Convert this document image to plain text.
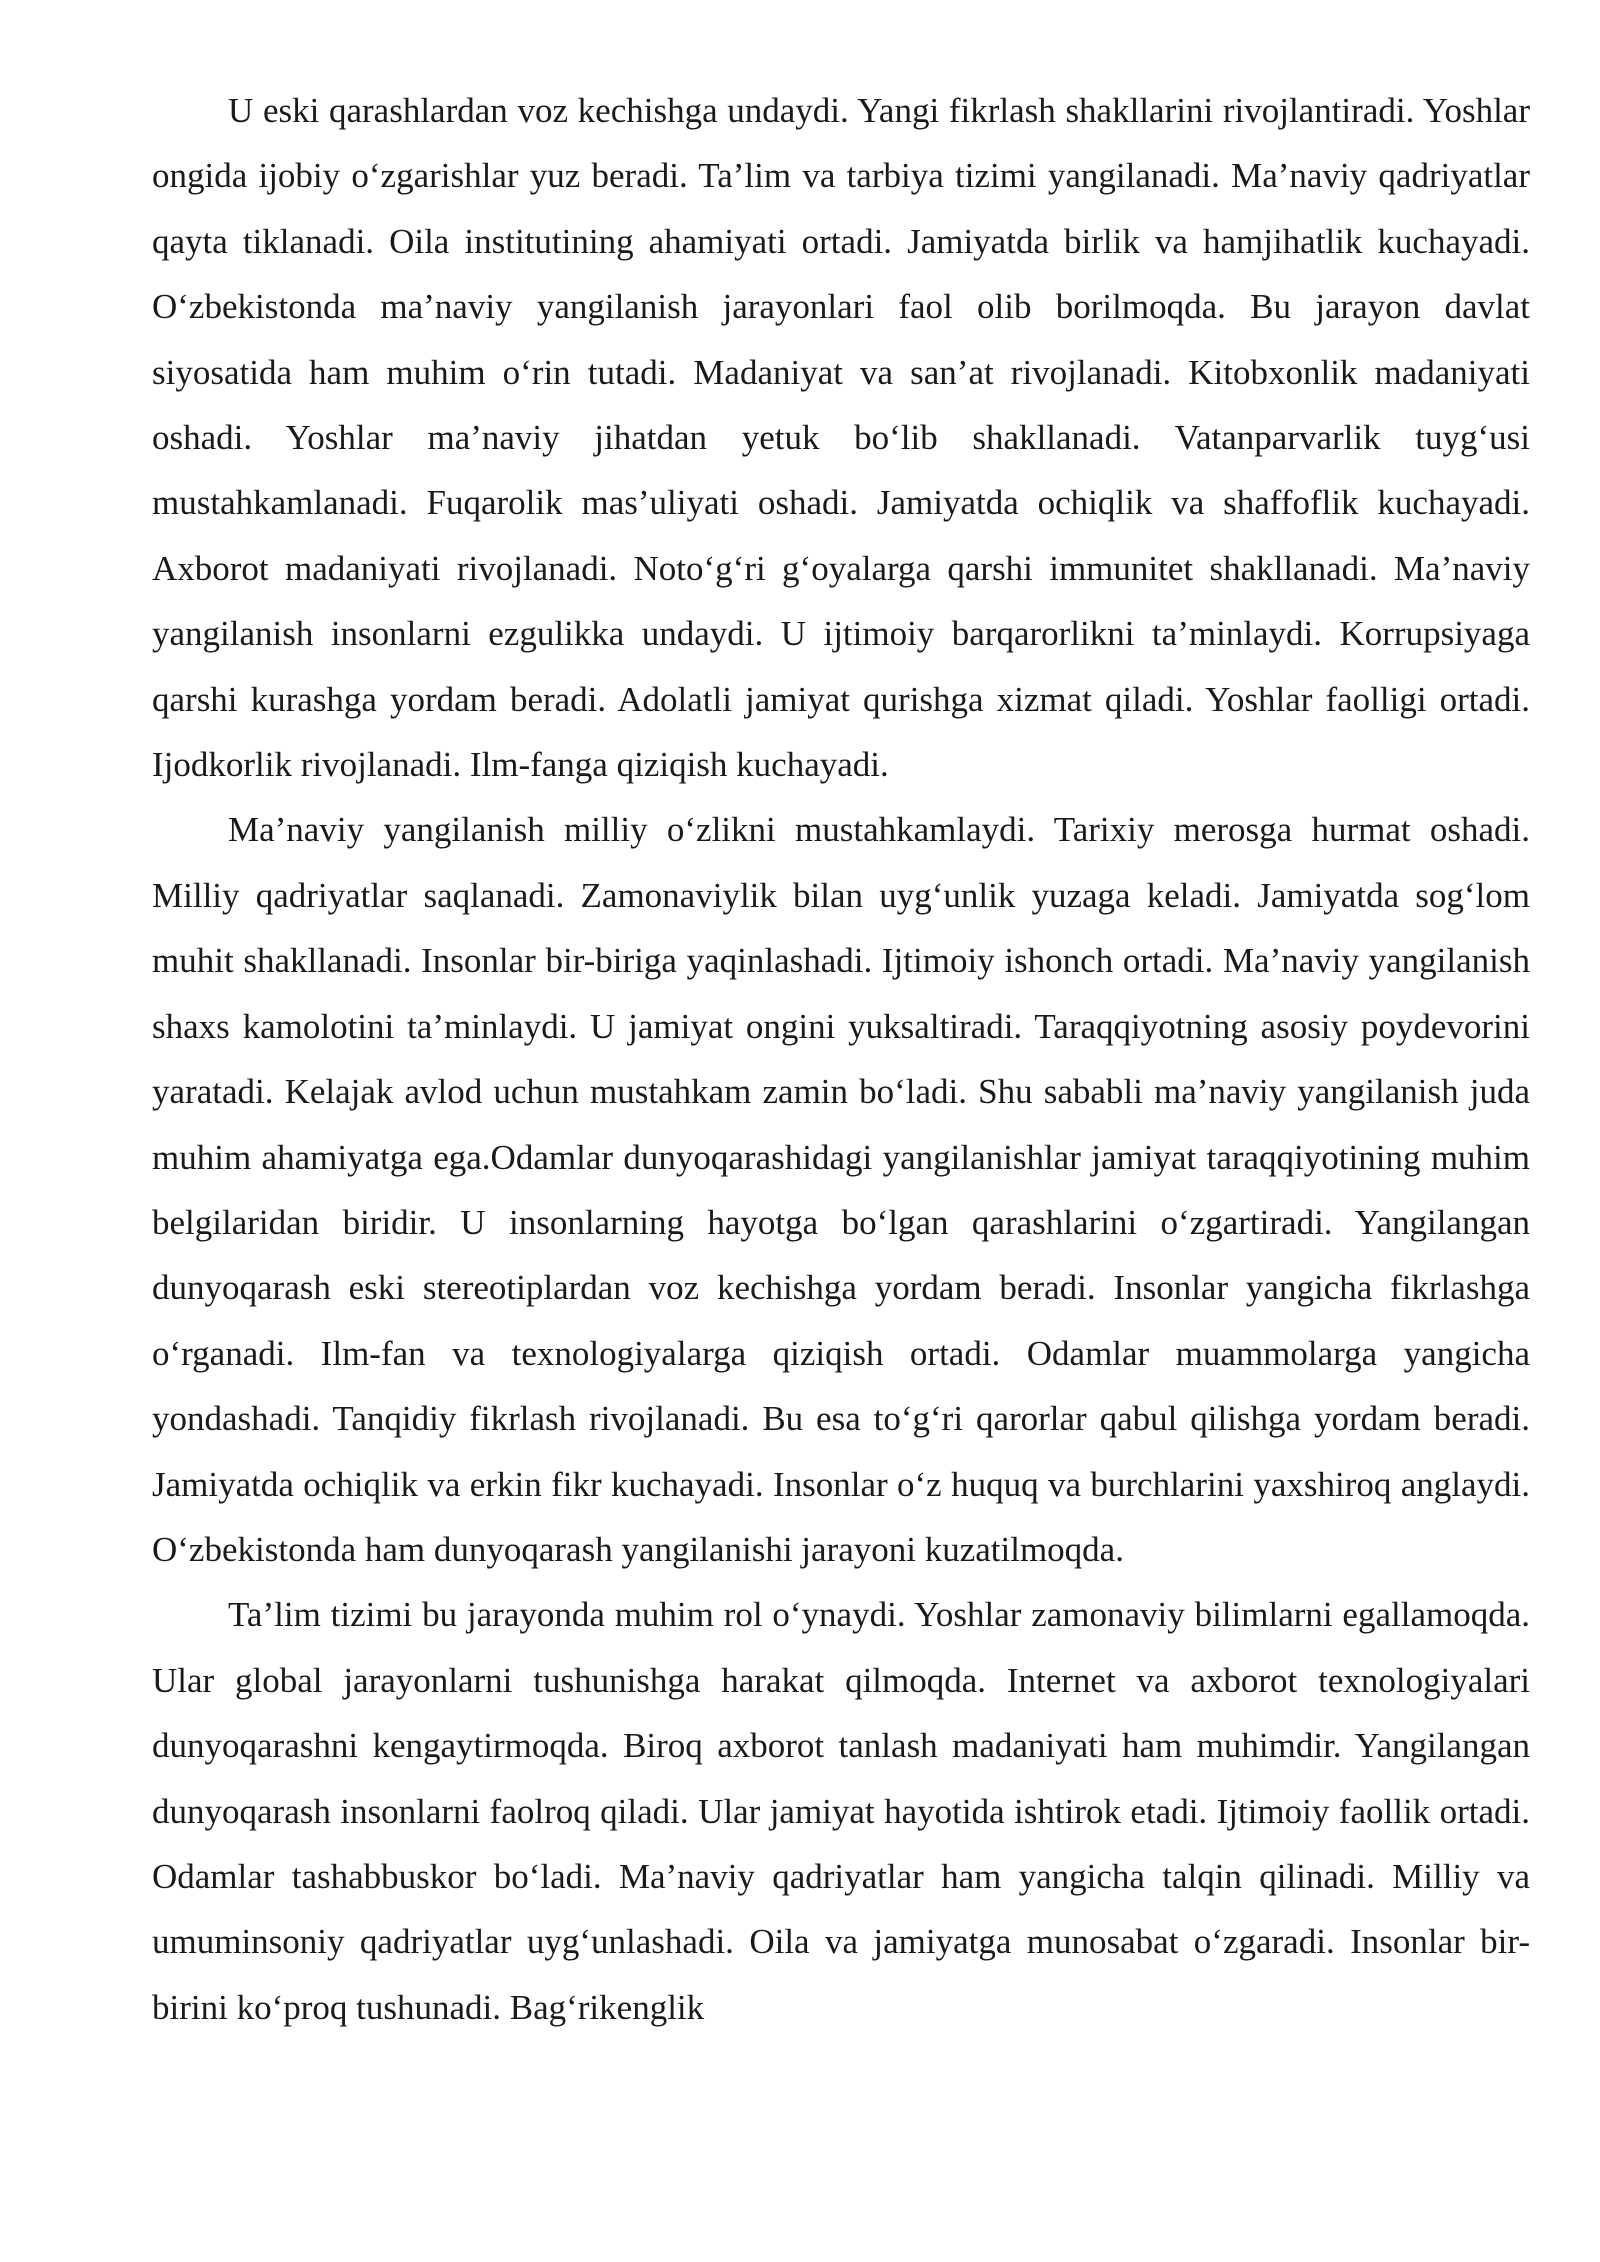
U eski qarashlardan voz kechishga undaydi. Yangi fikrlash shakllarini rivojlantiradi. Yoshlar ongida ijobiy o‘zgarishlar yuz beradi. Ta’lim va tarbiya tizimi yangilanadi. Ma’naviy qadriyatlar qayta tiklanadi. Oila institutining ahamiyati ortadi. Jamiyatda birlik va hamjihatlik kuchayadi. O‘zbekistonda ma’naviy yangilanish jarayonlari faol olib borilmoqda. Bu jarayon davlat siyosatida ham muhim o‘rin tutadi. Madaniyat va san’at rivojlanadi. Kitobxonlik madaniyati oshadi. Yoshlar ma’naviy jihatdan yetuk bo‘lib shakllanadi. Vatanparvarlik tuyg‘usi mustahkamlanadi. Fuqarolik mas’uliyati oshadi. Jamiyatda ochiqlik va shaffoflik kuchayadi. Axborot madaniyati rivojlanadi. Noto‘g‘ri g‘oyalarga qarshi immunitet shakllanadi. Ma’naviy yangilanish insonlarni ezgulikka undaydi. U ijtimoiy barqarorlikni ta’minlaydi. Korrupsiyaga qarshi kurashga yordam beradi. Adolatli jamiyat qurishga xizmat qiladi. Yoshlar faolligi ortadi. Ijodkorlik rivojlanadi. Ilm-fanga qiziqish kuchayadi.

Ma’naviy yangilanish milliy o‘zlikni mustahkamlaydi. Tarixiy merosga hurmat oshadi. Milliy qadriyatlar saqlanadi. Zamonaviylik bilan uyg‘unlik yuzaga keladi. Jamiyatda sog‘lom muhit shakllanadi. Insonlar bir-biriga yaqinlashadi. Ijtimoiy ishonch ortadi. Ma’naviy yangilanish shaxs kamolotini ta’minlaydi. U jamiyat ongini yuksaltiradi. Taraqqiyotning asosiy poydevorini yaratadi. Kelajak avlod uchun mustahkam zamin bo‘ladi. Shu sababli ma’naviy yangilanish juda muhim ahamiyatga ega.Odamlar dunyoqarashidagi yangilanishlar jamiyat taraqqiyotining muhim belgilaridan biridir. U insonlarning hayotga bo‘lgan qarashlarini o‘zgartiradi. Yangilangan dunyoqarash eski stereotiplardan voz kechishga yordam beradi. Insonlar yangicha fikrlashga o‘rganadi. Ilm-fan va texnologiyalarga qiziqish ortadi. Odamlar muammolarga yangicha yondashadi. Tanqidiy fikrlash rivojlanadi. Bu esa to‘g‘ri qarorlar qabul qilishga yordam beradi. Jamiyatda ochiqlik va erkin fikr kuchayadi. Insonlar o‘z huquq va burchlarini yaxshiroq anglaydi. O‘zbekistonda ham dunyoqarash yangilanishi jarayoni kuzatilmoqda.

Ta’lim tizimi bu jarayonda muhim rol o‘ynaydi. Yoshlar zamonaviy bilimlarni egallamoqda. Ular global jarayonlarni tushunishga harakat qilmoqda. Internet va axborot texnologiyalari dunyoqarashni kengaytirmoqda. Biroq axborot tanlash madaniyati ham muhimdir. Yangilangan dunyoqarash insonlarni faolroq qiladi. Ular jamiyat hayotida ishtirok etadi. Ijtimoiy faollik ortadi. Odamlar tashabbuskor bo‘ladi. Ma’naviy qadriyatlar ham yangicha talqin qilinadi. Milliy va umuminsoniy qadriyatlar uyg‘unlashadi. Oila va jamiyatga munosabat o‘zgaradi. Insonlar bir-birini ko‘proq tushunadi. Bag‘rikenglik
